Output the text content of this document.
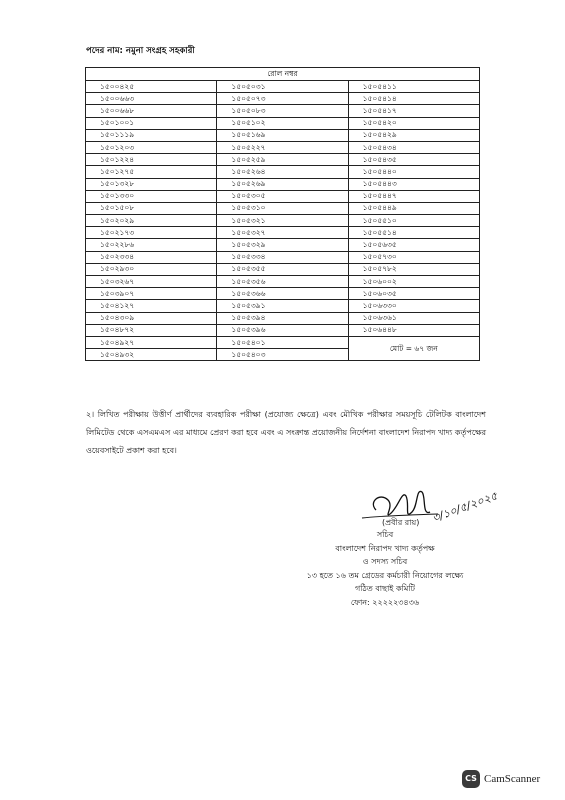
পদের নাম: নমুনা সংগ্রহ সহকারী
রোল নম্বর		
১৫০০৪২৫	১৫০৫০৩১	১৫০৫৪১১
১৫০০৬৬৩	১৫০৫০৭৩	১৫০৫৪১৪
১৫০০৬৬৮	১৫০৫০৮৩	১৫০৫৪১৭
১৫০১০০১	১৫০৫১০২	১৫০৫৪২০
১৫০১১১৯	১৫০৫১৬৯	১৫০৫৪২৯
১৫০১২০৩	১৫০৫২২৭	১৫০৫৪৩৪
১৫০১২২৪	১৫০৫২৫৯	১৫০৫৪৩৫
১৫০১২৭৫	১৫০৫২৬৪	১৫০৫৪৪০
১৫০১৩২৮	১৫০৫২৬৯	১৫০৫৪৪৩
১৫০১৩৩০	১৫০৫৩০৫	১৫০৫৪৪৭
১৫০১৫০৮	১৫০৫৩১০	১৫০৫৪৪৯
১৫০২০২৯	১৫০৫৩২১	১৫০৫৫১০
১৫০২১৭৩	১৫০৫৩২৭	১৫০৫৫১৪
১৫০২২৮৬	১৫০৫৩২৯	১৫০৫৬৩৫
১৫০২৩৩৪	১৫০৫৩৩৪	১৫০৫৭৩০
১৫০২৯৩০	১৫০৫৩৫৫	১৫০৫৭৮২
১৫০৩২৬৭	১৫০৫৩৫৬	১৫০৬০০২
১৫০৩৯০৭	১৫০৫৩৬৬	১৫০৬০৩৫
১৫০৪১২৭	১৫০৫৩৯১	১৫০৬৩৩০
১৫০৪৩০৯	১৫০৫৩৯৪	১৫০৬৩৬১
১৫০৪৮৭২	১৫০৫৩৯৬	১৫০৬৪৪৮
১৫০৪৯২৭	১৫০৫৪০১	মোট = ৬৭ জন
১৫০৪৯৩২	১৫০৫৪০৩	
২। লিখিত পরীক্ষায় উত্তীর্ণ প্রার্থীদের ব্যবহারিক পরীক্ষা (প্রযোজ্য ক্ষেত্রে) এবং মৌখিক পরীক্ষার সময়সূচি টেলিটক বাংলাদেশ লিমিটেড থেকে এসএমএস এর মাধ্যমে প্রেরণ করা হবে এবং এ সংক্রান্ত প্রয়োজনীয় নির্দেশনা বাংলাদেশ নিরাপদ খাদ্য কর্তৃপক্ষের ওয়েবসাইটে প্রকাশ করা হবে।
৩/১০/৫/২০২৫
(প্রবীর রায়)
সচিব
বাংলাদেশ নিরাপদ খাদ্য কর্তৃপক্ষ
ও সদস্য সচিব
১৩ হতে ১৬ তম গ্রেডের কর্মচারী নিয়োগের লক্ষ্যে
গঠিত বাছাই কমিটি
ফোন: ২২২২২৩৪৩৬
CS CamScanner
